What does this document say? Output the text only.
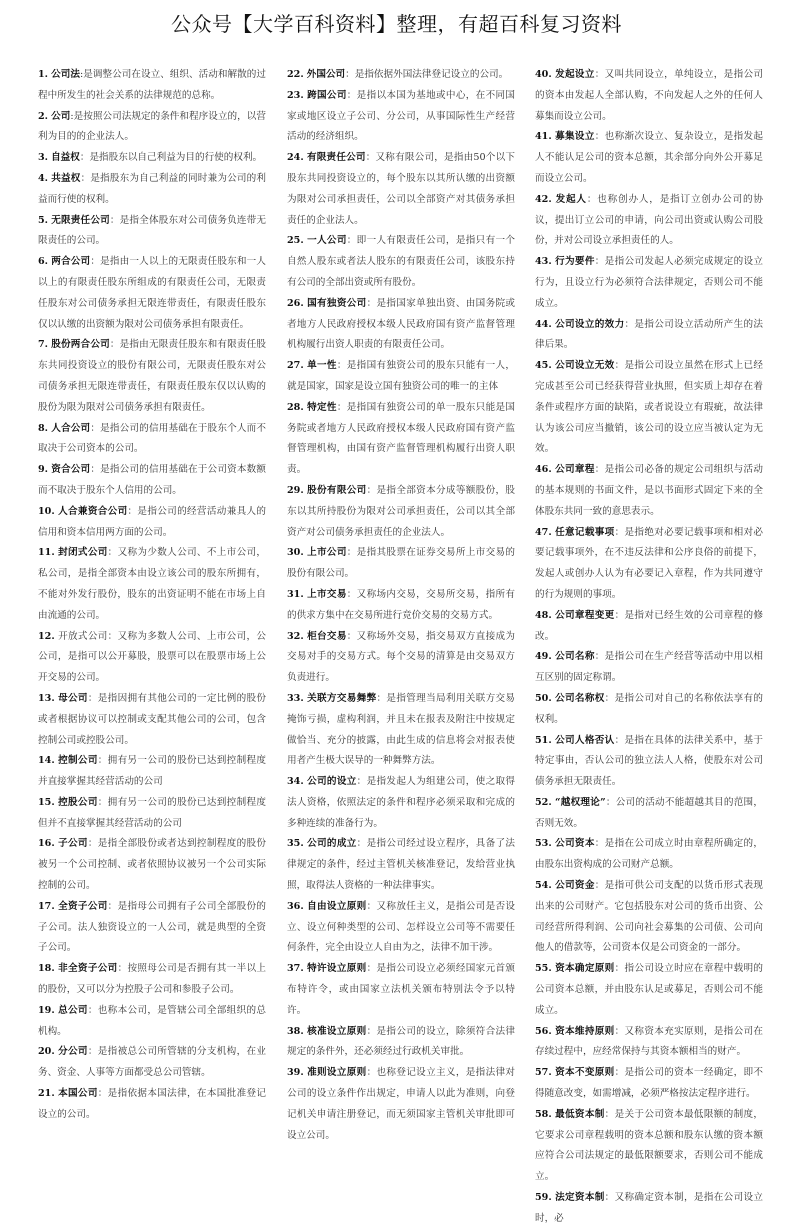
公众号【大学百科资料】整理，有超百科复习资料

1. 公司法:是调整公司在设立、组织、活动和解散的过程中所发生的社会关系的法律规范的总称。

2. 公司:是按照公司法规定的条件和程序设立的，以营利为目的的企业法人。

3. 自益权：是指股东以自己利益为目的行使的权利。

4. 共益权：是指股东为自己利益的同时兼为公司的利益而行使的权利。

5. 无限责任公司：是指全体股东对公司债务负连带无限责任的公司。

6. 两合公司：是指由一人以上的无限责任股东和一人以上的有限责任股东所组成的有限责任公司，无限责任股东对公司债务承担无限连带责任，有限责任股东仅以认缴的出资额为限对公司债务承担有限责任。

7. 股份两合公司：是指由无限责任股东和有限责任股东共同投资设立的股份有限公司，无限责任股东对公司债务承担无限连带责任，有限责任股东仅以认购的股份为限为限对公司债务承担有限责任。

8. 人合公司：是指公司的信用基础在于股东个人而不取决于公司资本的公司。

9. 资合公司：是指公司的信用基础在于公司资本数额而不取决于股东个人信用的公司。

10. 人合兼资合公司：是指公司的经营活动兼具人的信用和资本信用两方面的公司。

11. 封闭式公司：又称为少数人公司、不上市公司，私公司，是指全部资本由设立该公司的股东所拥有，不能对外发行股份，股东的出资证明不能在市场上自由流通的公司。

12. 开放式公司：又称为多数人公司、上市公司，公公司，是指可以公开募股，股票可以在股票市场上公开交易的公司。

13. 母公司：是指因拥有其他公司的一定比例的股份或者根据协议可以控制或支配其他公司的公司，包含控制公司或控股公司。

14. 控制公司：拥有另一公司的股份已达到控制程度并直接掌握其经营活动的公司

15. 控股公司：拥有另一公司的股份已达到控制程度但并不直接掌握其经营活动的公司

16. 子公司：是指全部股份或者达到控制程度的股份被另一个公司控制、或者依照协议被另一个公司实际控制的公司。

17. 全资子公司：是指母公司拥有子公司全部股份的子公司。法人独资设立的一人公司，就是典型的全资子公司。

18. 非全资子公司：按照母公司是否拥有其一半以上的股份，又可以分为控股子公司和参股子公司。

19. 总公司：也称本公司，是管辖公司全部组织的总机构。

20. 分公司：是指被总公司所管辖的分支机构，在业务、资金、人事等方面都受总公司管辖。

21. 本国公司：是指依据本国法律，在本国批准登记设立的公司。

22. 外国公司：是指依据外国法律登记设立的公司。

23. 跨国公司：是指以本国为基地或中心，在不同国家或地区设立子公司、分公司，从事国际性生产经营活动的经济组织。

24. 有限责任公司：又称有限公司，是指由50个以下股东共同投资设立的，每个股东以其所认缴的出资额为限对公司承担责任，公司以全部资产对其债务承担责任的企业法人。

25. 一人公司：即一人有限责任公司，是指只有一个自然人股东或者法人股东的有限责任公司，该股东持有公司的全部出资或所有股份。

26. 国有独资公司：是指国家单独出资、由国务院或者地方人民政府授权本级人民政府国有资产监督管理机构履行出资人职责的有限责任公司。

27. 单一性：是指国有独资公司的股东只能有一人，就是国家，国家是设立国有独资公司的唯一的主体

28. 特定性：是指国有独资公司的单一股东只能是国务院或者地方人民政府授权本级人民政府国有资产监督管理机构，由国有资产监督管理机构履行出资人职责。

29. 股份有限公司：是指全部资本分成等额股份，股东以其所持股份为限对公司承担责任，公司以其全部资产对公司债务承担责任的企业法人。

30. 上市公司：是指其股票在证券交易所上市交易的股份有限公司。

31. 上市交易：又称场内交易，交易所交易，指所有的供求方集中在交易所进行竞价交易的交易方式。

32. 柜台交易：又称场外交易，指交易双方直接成为交易对手的交易方式。每个交易的清算是由交易双方负责进行。

33. 关联方交易舞弊：是指管理当局利用关联方交易掩饰亏损，虚构利润，并且未在报表及附注中按规定做恰当、充分的披露，由此生成的信息将会对报表使用者产生极大误导的一种舞弊方法。

34. 公司的设立：是指发起人为组建公司，使之取得法人资格，依照法定的条件和程序必须采取和完成的多种连续的准备行为。

35. 公司的成立：是指公司经过设立程序，具备了法律规定的条件，经过主管机关核准登记，发给营业执照，取得法人资格的一种法律事实。

36. 自由设立原则：又称放任主义，是指公司是否设立、设立何种类型的公司、怎样设立公司等不需要任何条件，完全由设立人自由为之，法律不加干涉。

37. 特许设立原则：是指公司设立必须经国家元首颁布特许令，或由国家立法机关颁布特别法令予以特许。

38. 核准设立原则：是指公司的设立，除须符合法律规定的条件外，还必须经过行政机关审批。

39. 准则设立原则：也称登记设立主义，是指法律对公司的设立条件作出规定，申请人以此为准则，向登记机关申请注册登记，而无须国家主管机关审批即可设立公司。

40. 发起设立：又叫共同设立，单纯设立，是指公司的资本由发起人全部认购，不向发起人之外的任何人募集而设立公司。

41. 募集设立：也称渐次设立、复杂设立，是指发起人不能认足公司的资本总额，其余部分向外公开募足而设立公司。

42. 发起人：也称创办人，是指订立创办公司的协议，提出订立公司的申请，向公司出资或认购公司股份，并对公司设立承担责任的人。

43. 行为要件：是指公司发起人必须完成规定的设立行为，且设立行为必须符合法律规定，否则公司不能成立。

44. 公司设立的效力：是指公司设立活动所产生的法律后果。

45. 公司设立无效：是指公司设立虽然在形式上已经完成甚至公司已经获得营业执照，但实质上却存在着条件或程序方面的缺陷，或者说设立有瑕疵，故法律认为该公司应当撤销，该公司的设立应当被认定为无效。

46. 公司章程：是指公司必备的规定公司组织与活动的基本规则的书面文件，是以书面形式固定下来的全体股东共同一致的意思表示。

47. 任意记载事项：是指绝对必要记载事项和相对必要记载事项外，在不违反法律和公序良俗的前提下，发起人或创办人认为有必要记入章程，作为共同遵守的行为规则的事项。

48. 公司章程变更：是指对已经生效的公司章程的修改。

49. 公司名称：是指公司在生产经营等活动中用以相互区别的固定称谓。

50. 公司名称权：是指公司对自己的名称依法享有的权利。

51. 公司人格否认：是指在具体的法律关系中，基于特定事由，否认公司的独立法人人格，使股东对公司债务承担无限责任。

52. “越权理论”：公司的活动不能超越其目的范围，否则无效。

53. 公司资本：是指在公司成立时由章程所确定的，由股东出资构成的公司财产总额。

54. 公司资金：是指可供公司支配的以货币形式表现出来的公司财产。它包括股东对公司的货币出资、公司经营所得利润、公司向社会募集的公司债、公司向他人的借款等，公司资本仅是公司资金的一部分。

55. 资本确定原则：指公司设立时应在章程中载明的公司资本总额，并由股东认足或募足，否则公司不能成立。

56. 资本维持原则：又称资本充实原则，是指公司在存续过程中，应经常保持与其资本额相当的财产。

57. 资本不变原则：是指公司的资本一经确定，即不得随意改变，如需增减，必须严格按法定程序进行。

58. 最低资本制：是关于公司资本最低限额的制度，它要求公司章程载明的资本总额和股东认缴的资本额应符合公司法规定的最低限额要求，否则公司不能成立。

59. 法定资本制：又称确定资本制，是指在公司设立时，必
